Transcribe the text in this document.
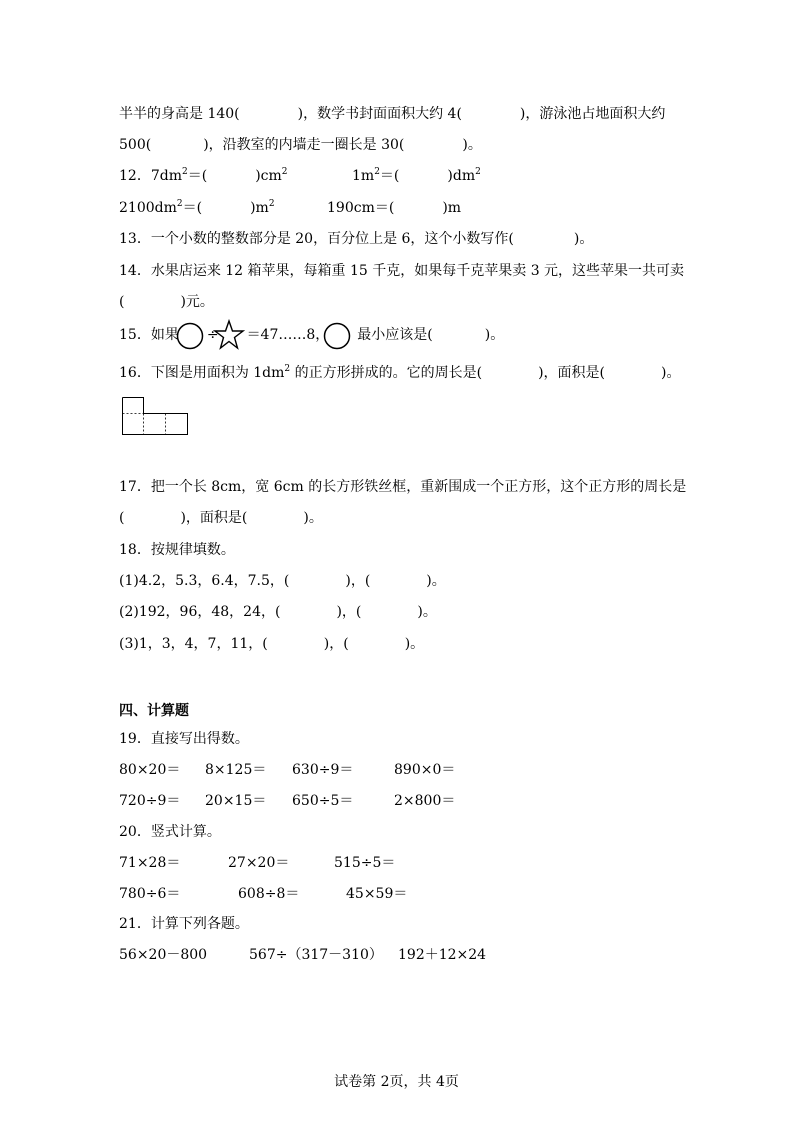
半半的身高是 140(	)，数学书封面面积大约 4(	)，游泳池占地面积大约
500(	)，沿教室的内墙走一圈长是 30(	)。
12．$7dm^2=$(	)$cm^2$	$1m^2=$(	)$dm^2$
$2100dm^2=$(	)$m^2$	190cm＝(	)m
13．一个小数的整数部分是 20，百分位上是 6，这个小数写作(	)。
14．水果店运来 12 箱苹果，每箱重 15 千克，如果每千克苹果卖 3 元，这些苹果一共可卖
(	)元。
15．如果 ÷ ＝47……8， 最小应该是(	)。
16．下图是用面积为 $1dm^2$ 的正方形拼成的。它的周长是(	)，面积是(	)。
17．把一个长 8cm，宽 6cm 的长方形铁丝框，重新围成一个正方形，这个正方形的周长是
(	)，面积是(	)。
18．按规律填数。
(1)4.2，5.3，6.4，7.5，(	)，(	)。
(2)192，96，48，24，(	)，(	)。
(3)1，3，4，7，11，(	)，(	)。
四、计算题
19．直接写出得数。
80×20＝ 8×125＝ 630÷9＝	890×0＝
720÷9＝ 20×15＝ 650÷5＝	2×800＝
20．竖式计算。
71×28＝	27×20＝	515÷5＝
780÷6＝	608÷8＝	45×59＝
21．计算下列各题。
56×20－800	567÷（317－310） 192＋12×24
试卷第 2页，共 4页
